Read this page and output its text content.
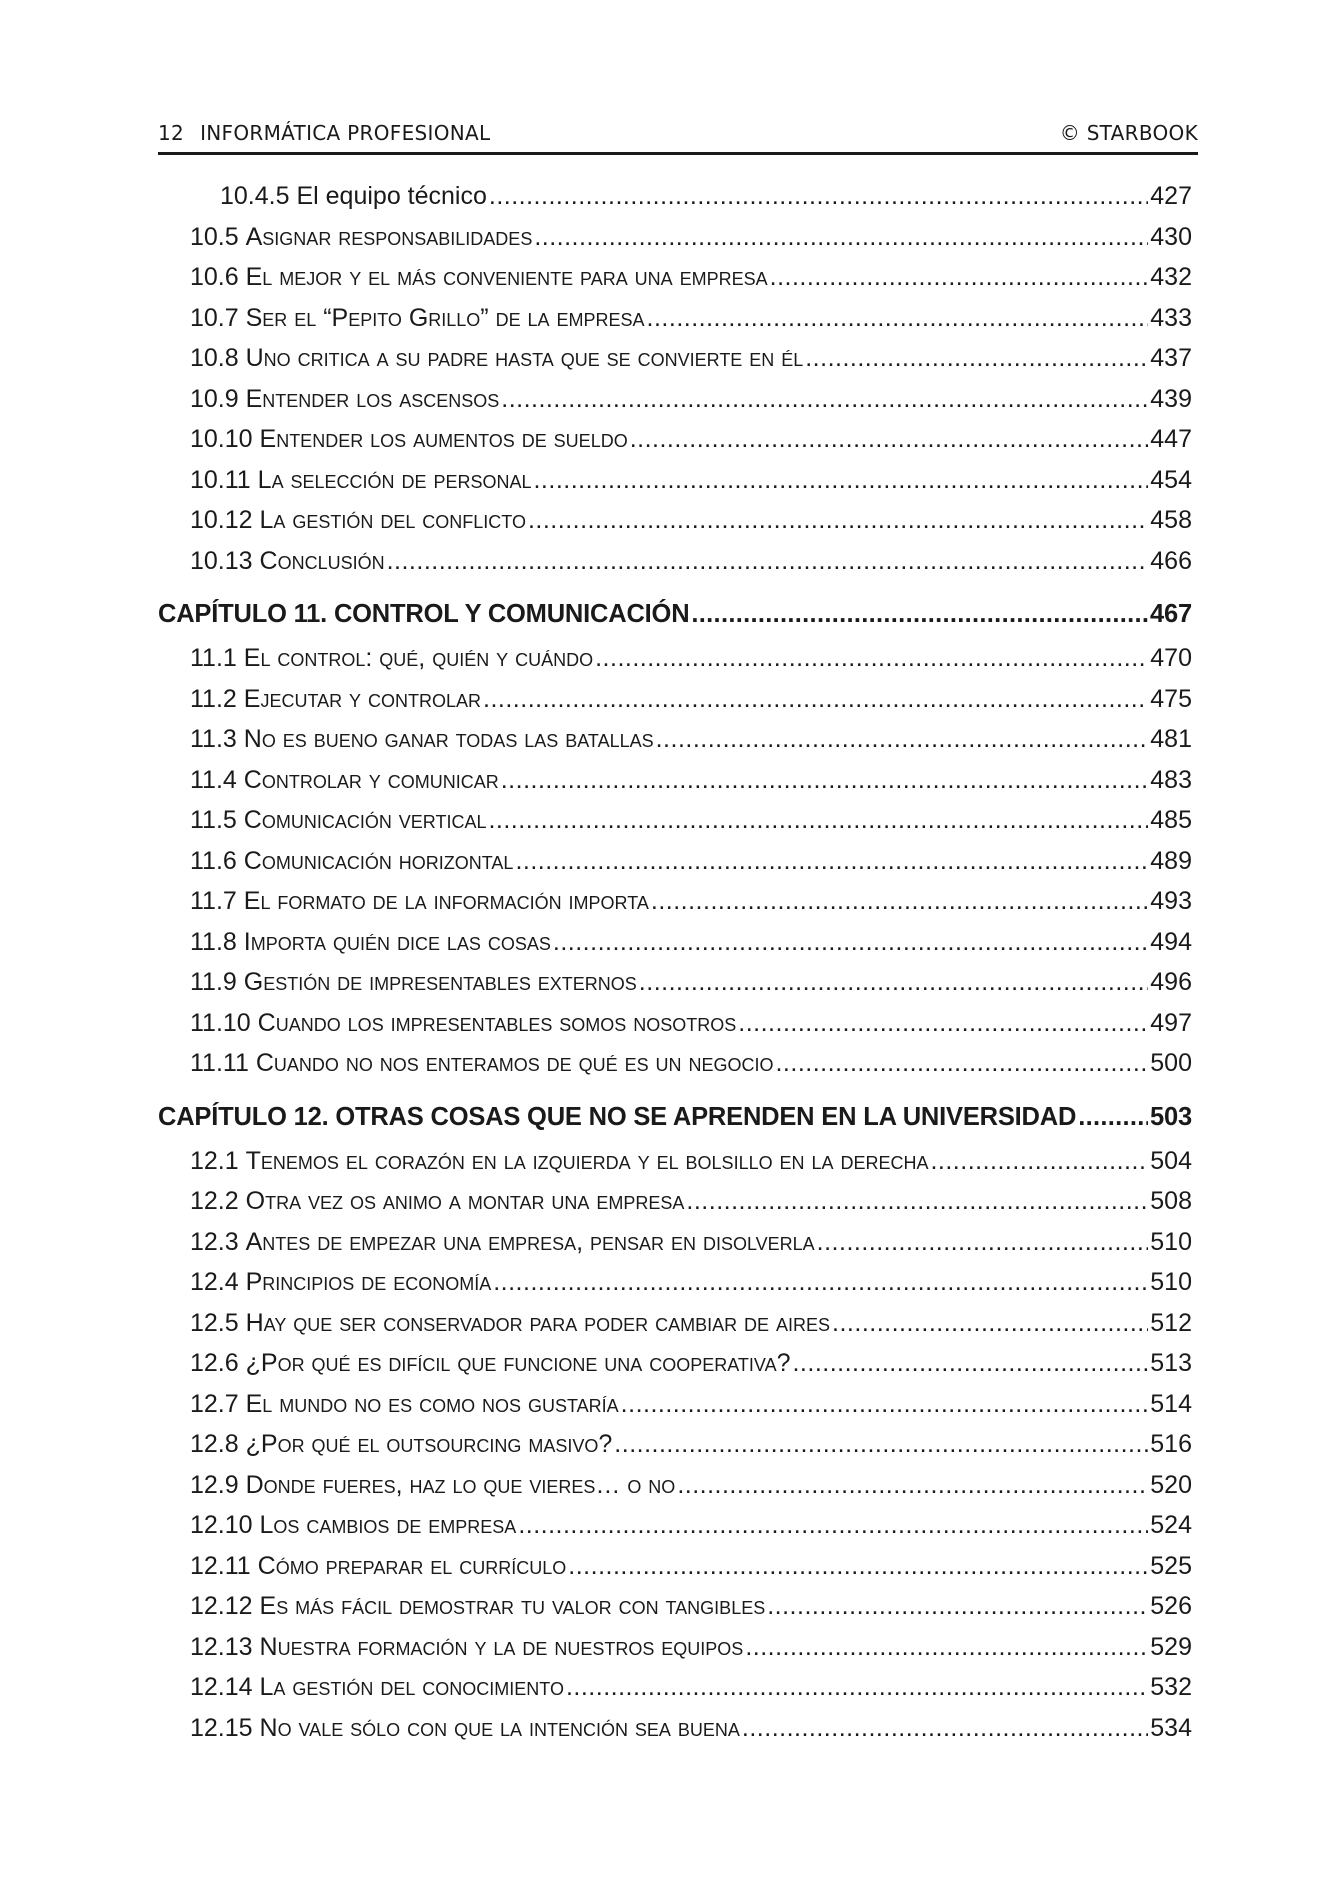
12 INFORMÁTICA PROFESIONAL	© STARBOOK
10.4.5 El equipo técnico .....	427
10.5 Asignar responsabilidades .....	430
10.6 El mejor y el más conveniente para una empresa .....	432
10.7 Ser el “Pepito Grillo” de la empresa .....	433
10.8 Uno critica a su padre hasta que se convierte en él .....	437
10.9 Entender los ascensos .....	439
10.10 Entender los aumentos de sueldo .....	447
10.11 La selección de personal .....	454
10.12 La gestión del conflicto .....	458
10.13 Conclusión .....	466
CAPÍTULO 11. CONTROL Y COMUNICACIÓN .....	467
11.1 El control: qué, quién y cuándo .....	470
11.2 Ejecutar y controlar .....	475
11.3 No es bueno ganar todas las batallas .....	481
11.4 Controlar y comunicar .....	483
11.5 Comunicación vertical .....	485
11.6 Comunicación horizontal .....	489
11.7 El formato de la información importa .....	493
11.8 Importa quién dice las cosas .....	494
11.9 Gestión de impresentables externos .....	496
11.10 Cuando los impresentables somos nosotros .....	497
11.11 Cuando no nos enteramos de qué es un negocio .....	500
CAPÍTULO 12. OTRAS COSAS QUE NO SE APRENDEN EN LA UNIVERSIDAD .....	503
12.1 Tenemos el corazón en la izquierda y el bolsillo en la derecha .....	504
12.2 Otra vez os animo a montar una empresa .....	508
12.3 Antes de empezar una empresa, pensar en disolverla .....	510
12.4 Principios de economía .....	510
12.5 Hay que ser conservador para poder cambiar de aires .....	512
12.6 ¿Por qué es difícil que funcione una cooperativa? .....	513
12.7 El mundo no es como nos gustaría .....	514
12.8 ¿Por qué el outsourcing masivo? .....	516
12.9 Donde fueres, haz lo que vieres… o no .....	520
12.10 Los cambios de empresa .....	524
12.11 Cómo preparar el currículo .....	525
12.12 Es más fácil demostrar tu valor con tangibles .....	526
12.13 Nuestra formación y la de nuestros equipos .....	529
12.14 La gestión del conocimiento .....	532
12.15 No vale sólo con que la intención sea buena .....	534
